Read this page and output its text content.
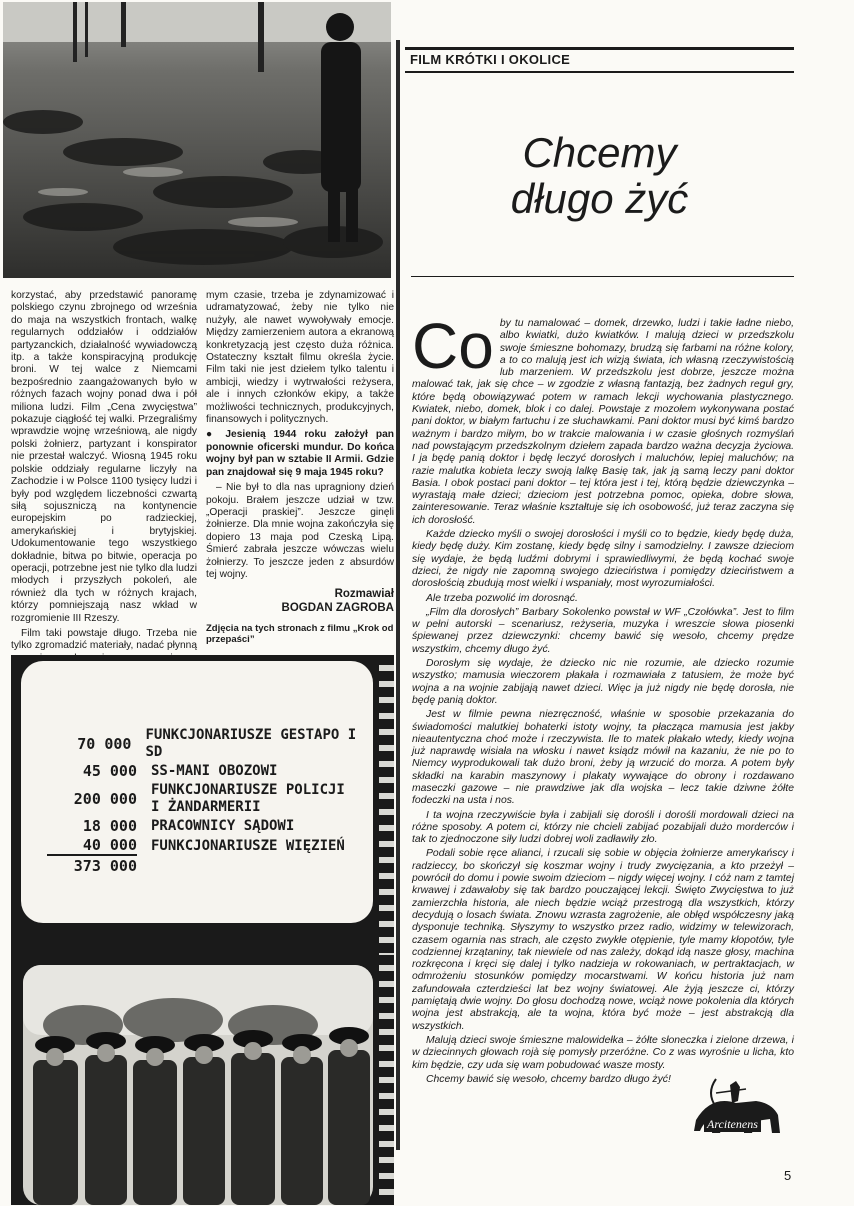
FILM KRÓTKI I OKOLICE
Chcemy
długo żyć

korzystać, aby przedstawić panoramę polskiego czynu zbrojnego od września do maja na wszystkich frontach, walkę regularnych oddziałów i oddziałów partyzanckich, działalność wywiadowczą itp. a także konspiracyjną produkcję broni. W tej walce z Niemcami bezpośrednio zaangażowanych było w różnych fazach wojny ponad dwa i pół miliona ludzi. Film „Cena zwycięstwa” pokazuje ciągłość tej walki. Przegraliśmy wprawdzie wojnę wrześniową, ale nigdy polski żołnierz, partyzant i konspirator nie przestał walczyć. Wiosną 1945 roku polskie oddziały regularne liczyły na Zachodzie i w Polsce 1100 tysięcy ludzi i były pod względem liczebności czwartą siłą sojuszniczą na kontynencie europejskim po radzieckiej, amerykańskiej i brytyjskiej. Udokumentowanie tego wszystkiego dokładnie, bitwa po bitwie, operacja po operacji, potrzebne jest nie tylko dla ludzi młodych i przyszłych pokoleń, ale również dla tych w różnych krajach, którzy pomniejszają nasz wkład w rozgromienie III Rzeszy.

Film taki powstaje długo. Trzeba nie tylko zgromadzić materiały, nadać płynną

mym czasie, trzeba je zdynamizować i udramatyzować, żeby nie tylko nie nużyły, ale nawet wywoływały emocje. Między zamierzeniem autora a ekranową konkretyzacją jest często duża różnica. Ostateczny kształt filmu określa życie. Film taki nie jest dziełem tylko talentu i ambicji, wiedzy i wytrwałości reżysera, ale i innych członków ekipy, a także możliwości technicznych, produkcyjnych, finansowych i politycznych.

● Jesienią 1944 roku założył pan ponownie oficerski mundur. Do końca wojny był pan w sztabie II Armii. Gdzie pan znajdował się 9 maja 1945 roku?

– Nie był to dla nas upragniony dzień pokoju. Brałem jeszcze udział w tzw. „Operacji praskiej”. Jeszcze ginęli żołnierze. Dla mnie wojna zakończyła się dopiero 13 maja pod Czeską Lipą. Śmierć zabrała jeszcze wówczas wielu żołnierzy. To jeszcze jeden z absurdów tej wojny.

Rozmawiał
BOGDAN ZAGROBA
Zdjęcia na tych stronach z filmu „Krok od przepaści”
70 000 FUNKCJONARIUSZE GESTAPO I SD
45 000 SS-MANI OBOZOWI
200 000 FUNKCJONARIUSZE POLICJI I ŻANDARMERII
18 000 PRACOWNICY SĄDOWI
40 000 FUNKCJONARIUSZE WIĘZIEŃ
373 000

Co by tu namalować – domek, drzewko, ludzi i takie ładne niebo, albo kwiatki, dużo kwiatków. I malują dzieci w przedszkolu swoje śmieszne bohomazy, brudzą się farbami na różne kolory, a to co malują jest ich wizją świata, ich własną rzeczywistością lub marzeniem. W przedszkolu jest dobrze, jeszcze można malować tak, jak się chce – w zgodzie z własną fantazją, bez żadnych reguł gry, które będą obowiązywać potem w ramach lekcji wychowania plastycznego. Kwiatek, niebo, domek, blok i co dalej. Powstaje z mozołem wykonywana postać pani doktor, w białym fartuchu i ze słuchawkami. Pani doktor musi być kimś bardzo ważnym i bardzo miłym, bo w trakcie malowania i w czasie głośnych rozmyślań nad powstającym przedszkolnym dziełem zapada bardzo ważna decyzja życiowa. I ja będę panią doktor i będę leczyć dorosłych i maluchów, lepiej maluchów; na razie malutka kobieta leczy swoją lalkę Basię tak, jak ją samą leczy pani doktor Basia. I obok postaci pani doktor – tej która jest i tej, którą będzie dziewczynka – wyrastają małe dzieci; dzieciom jest potrzebna pomoc, opieka, dobre słowa, zainteresowanie. Teraz właśnie kształtuje się ich osobowość, już teraz zaczyna się ich dorosłość.

Każde dziecko myśli o swojej dorosłości i myśli co to będzie, kiedy będę duża, kiedy będę duży. Kim zostanę, kiedy będę silny i samodzielny. I zawsze dzieciom się wydaje, że będą ludźmi dobrymi i sprawiedliwymi, że będą kochać swoje dzieci, że nigdy nie zapomną swojego dzieciństwa i pomiędzy dzieciństwem a dorosłością zbudują most wielki i wspaniały, most wyrozumiałości.

Ale trzeba pozwolić im dorosnąć.

„Film dla dorosłych” Barbary Sokolenko powstał w WF „Czołówka”. Jest to film w pełni autorski – scenariusz, reżyseria, muzyka i wreszcie słowa piosenki śpiewanej przez dziewczynki: chcemy bawić się wesoło, chcemy prędze wszystkim, chcemy długo żyć.

Dorosłym się wydaje, że dziecko nic nie rozumie, ale dziecko rozumie wszystko; mamusia wieczorem płakała i rozmawiała z tatusiem, że może być wojna a na wojnie zabijają nawet dzieci. Więc ja już nigdy nie będę dorosła, nie będę panią doktor.

Jest w filmie pewna niezręczność, właśnie w sposobie przekazania do świadomości malutkiej bohaterki istoty wojny, ta płacząca mamusia jest jakby nieautentyczna choć może i rzeczywista. Ile to matek płakało wtedy, kiedy wojna już naprawdę wisiała na włosku i nawet ksiądz mówił na kazaniu, że nie po to Niemcy wyprodukowali tak dużo broni, żeby ją wrzucić do morza. A potem były składki na karabin maszynowy i plakaty wywające do obrony i rozdawano maseczki gazowe – nie prawdziwe jak dla wojska – lecz takie dziwne żółte fodeczki na usta i nos.

I ta wojna rzeczywiście była i zabijali się dorośli i dorośli mordowali dzieci na różne sposoby. A potem ci, którzy nie chcieli zabijać pozabijali dużo morderców i tak to zjednoczone siły ludzi dobrej woli zadławiły zło.

Podali sobie ręce alianci, i rzucali się sobie w objęcia żołnierze amerykańscy i radzieccy, bo skończył się koszmar wojny i trudy zwycięzania, a kto przeżył – powrócił do domu i powie swoim dzieciom – nigdy więcej wojny. I cóż nam z tamtej krwawej i zdawałoby się tak bardzo pouczającej lekcji. Święto Zwycięstwa to już zamierzchła historia, ale niech będzie wciąż przestrogą dla wszystkich, którzy decydują o losach świata. Znowu wzrasta zagrożenie, ale obłęd współczesny jaką dysponuje techniką. Słyszymy to wszystko przez radio, widzimy w telewizorach, czasem ogarnia nas strach, ale często zwykłe otępienie, tyle mamy kłopotów, tyle codziennej krzątaniny, tak niewiele od nas zależy, dokąd idą nasze głosy, machina rozkręcona i kręci się dalej i tylko nadzieja w rokowaniach, w pertraktacjach, w odmrożeniu stosunków pomiędzy mocarstwami. W końcu historia już nam zafundowała czterdzieści lat bez wojny światowej. Ale żyją jeszcze ci, którzy pamiętają dwie wojny. Do głosu dochodzą nowe, wciąż nowe pokolenia dla których wojna jest abstrakcją, ale ta wojna, która być może – jest abstrakcją dla wszystkich.

Malują dzieci swoje śmieszne malowidełka – żółte słoneczka i zielone drzewa, i w dziecinnych głowach rojà się pomysły przeróżne. Co z was wyrośnie u licha, kto kim będzie, czy uda się wam pobudować wasze mosty.

Chcemy bawić się wesoło, chcemy bardzo długo żyć!

Arcitenens
5
